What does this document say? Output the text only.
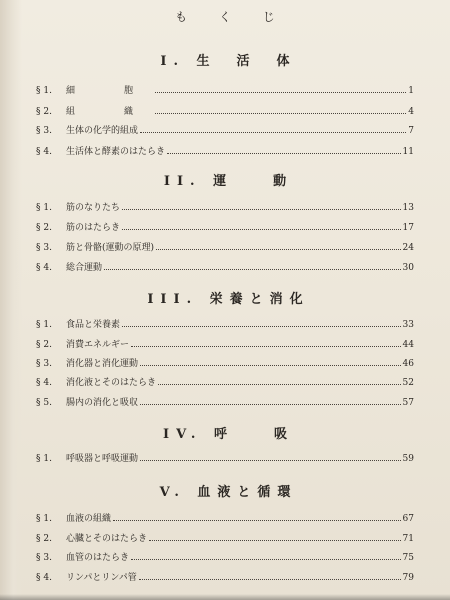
も く じ
I. 生　活　体
§ 1.	細　胞	1
§ 2.	組　織	4
§ 3.	生体の化学的組成	7
§ 4.	生活体と酵素のはたらき	11
II. 運　　動
§ 1.	筋のなりたち	13
§ 2.	筋のはたらき	17
§ 3.	筋と骨骼(運動の原理)	24
§ 4.	総合運動	30
III. 栄養と消化
§ 1.	食品と栄養素	33
§ 2.	消費エネルギー	44
§ 3.	消化器と消化運動	46
§ 4.	消化液とそのはたらき	52
§ 5.	腸内の消化と吸収	57
IV. 呼　　吸
§ 1.	呼吸器と呼吸運動	59
V. 血液と循環
§ 1.	血液の組織	67
§ 2.	心臓とそのはたらき	71
§ 3.	血管のはたらき	75
§ 4.	リンパとリンパ管	79
